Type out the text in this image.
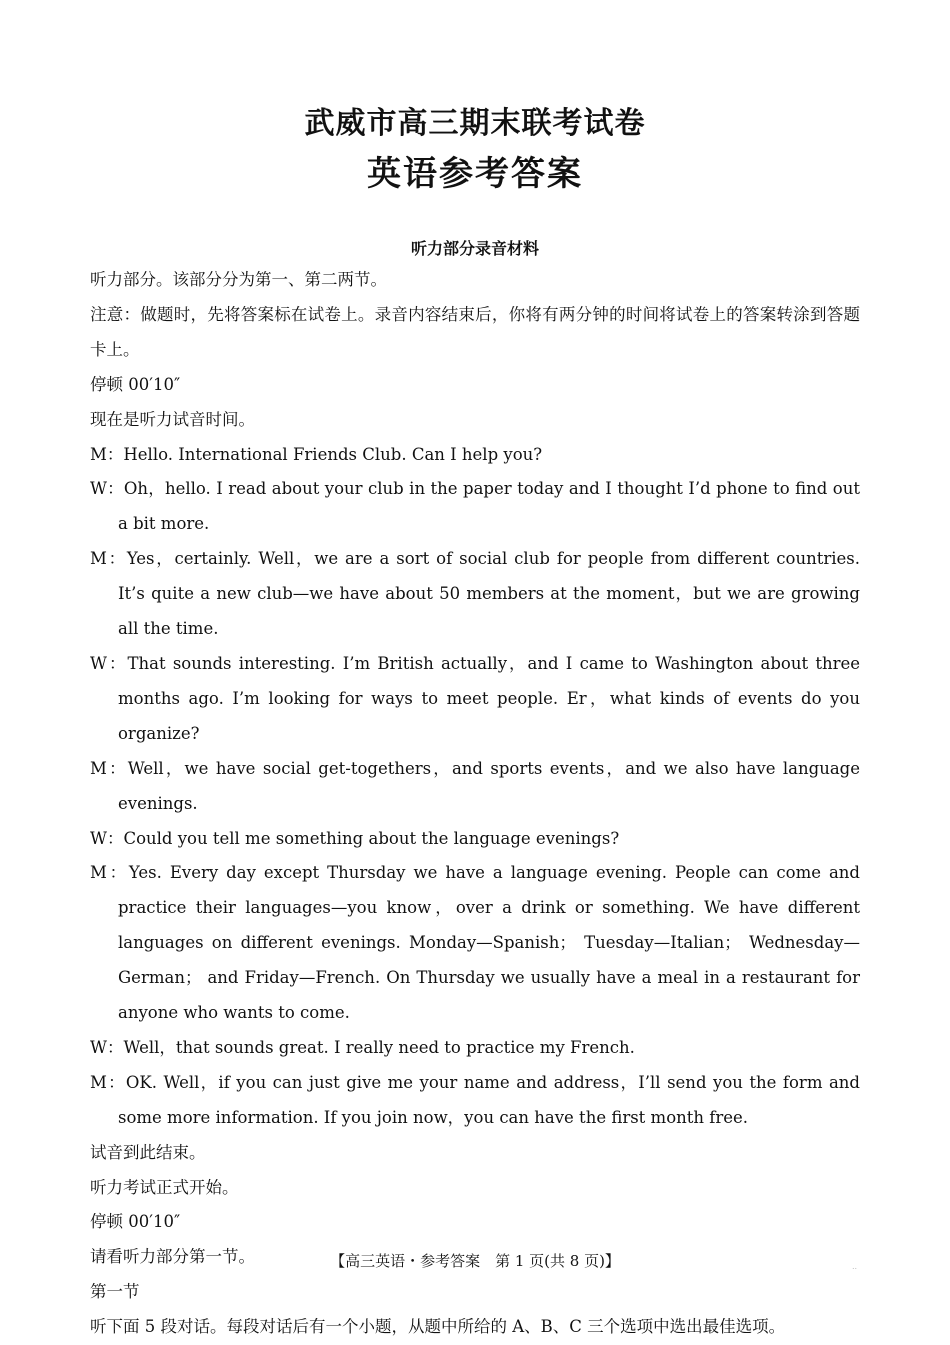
武威市高三期末联考试卷
英语参考答案
听力部分录音材料

听力部分。该部分分为第一、第二两节。

注意：做题时，先将答案标在试卷上。录音内容结束后，你将有两分钟的时间将试卷上的答案转涂到答题卡上。

停顿 00′10″

现在是听力试音时间。

M：Hello. International Friends Club. Can I help you?

W：Oh，hello. I read about your club in the paper today and I thought I’d phone to find out a bit more.

M：Yes，certainly. Well，we are a sort of social club for people from different countries. It’s quite a new club—we have about 50 members at the moment，but we are growing all the time.

W：That sounds interesting. I’m British actually，and I came to Washington about three months ago. I’m looking for ways to meet people. Er，what kinds of events do you organize?

M：Well，we have social get-togethers，and sports events，and we also have language evenings.

W：Could you tell me something about the language evenings?

M：Yes. Every day except Thursday we have a language evening. People can come and practice their languages—you know，over a drink or something. We have different languages on different evenings. Monday—Spanish； Tuesday—Italian； Wednesday—German； and Friday—French. On Thursday we usually have a meal in a restaurant for anyone who wants to come.

W：Well，that sounds great. I really need to practice my French.

M：OK. Well，if you can just give me your name and address，I’ll send you the form and some more information. If you join now，you can have the first month free.

试音到此结束。

听力考试正式开始。

停顿 00′10″

请看听力部分第一节。

第一节

听下面 5 段对话。每段对话后有一个小题，从题中所给的 A、B、C 三个选项中选出最佳选项。

【高三英语・参考答案　第 1 页(共 8 页)】	..
